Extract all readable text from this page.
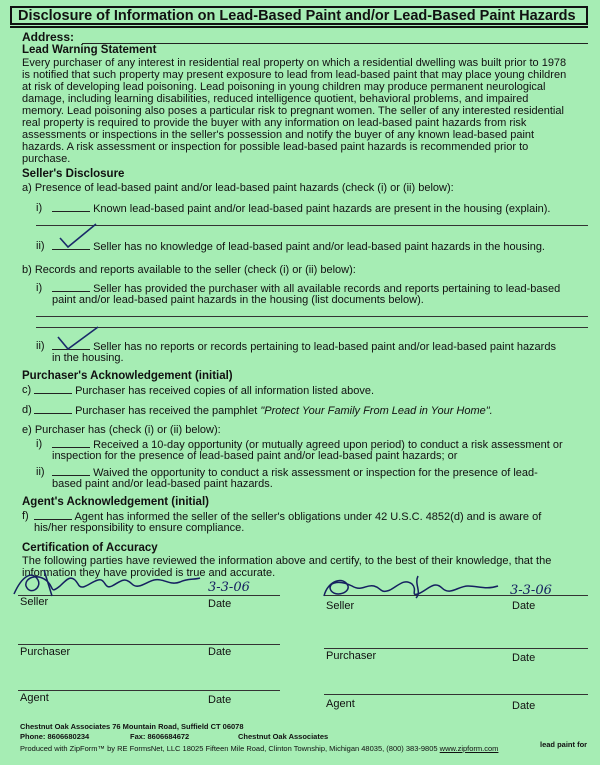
Disclosure of Information on Lead-Based Paint and/or Lead-Based Paint Hazards
Address:
Lead Warning Statement
Every purchaser of any interest in residential real property on which a residential dwelling was built prior to 1978
is notified that such property may present exposure to lead from lead-based paint that may place young children
at risk of developing lead poisoning. Lead poisoning in young children may produce permanent neurological
damage, including learning disabilities, reduced intelligence quotient, behavioral problems, and impaired
memory. Lead poisoning also poses a particular risk to pregnant women. The seller of any interested residential
real property is required to provide the buyer with any information on lead-based paint hazards from risk
assessments or inspections in the seller's possession and notify the buyer of any known lead-based paint
hazards. A risk assessment or inspection for possible lead-based paint hazards is recommended prior to
purchase.
Seller's Disclosure
a) Presence of lead-based paint and/or lead-based paint hazards (check (i) or (ii) below):
i)	Known lead-based paint and/or lead-based paint hazards are present in the housing (explain).
ii)	Seller has no knowledge of lead-based paint and/or lead-based paint hazards in the housing.
b) Records and reports available to the seller (check (i) or (ii) below):
i)	Seller has provided the purchaser with all available records and reports pertaining to lead-based
paint and/or lead-based paint hazards in the housing (list documents below).
ii)	Seller has no reports or records pertaining to lead-based paint and/or lead-based paint hazards
in the housing.
Purchaser's Acknowledgement (initial)
c)	Purchaser has received copies of all information listed above.
d)	Purchaser has received the pamphlet "Protect Your Family From Lead in Your Home".
e) Purchaser has (check (i) or (ii) below):
i)	Received a 10-day opportunity (or mutually agreed upon period) to conduct a risk assessment or
inspection for the presence of lead-based paint and/or lead-based paint hazards; or
ii)	Waived the opportunity to conduct a risk assessment or inspection for the presence of lead-
based paint and/or lead-based paint hazards.
Agent's Acknowledgement (initial)
f)	Agent has informed the seller of the seller's obligations under 42 U.S.C. 4852(d) and is aware of
his/her responsibility to ensure compliance.
Certification of Accuracy
The following parties have reviewed the information above and certify, to the best of their knowledge, that the
information they have provided is true and accurate.
Seller	Date	Seller	Date
3-3-06	3-3-06
Purchaser	Date	Purchaser	Date
Agent	Date	Agent	Date
Chestnut Oak Associates 76 Mountain Road, Suffield CT 06078
Phone: 8606680234	Fax: 8606684672	Chestnut Oak Associates
Produced with ZipForm™ by RE FormsNet, LLC 18025 Fifteen Mile Road, Clinton Township, Michigan 48035, (800) 383-9805 www.zipform.com	lead paint for
